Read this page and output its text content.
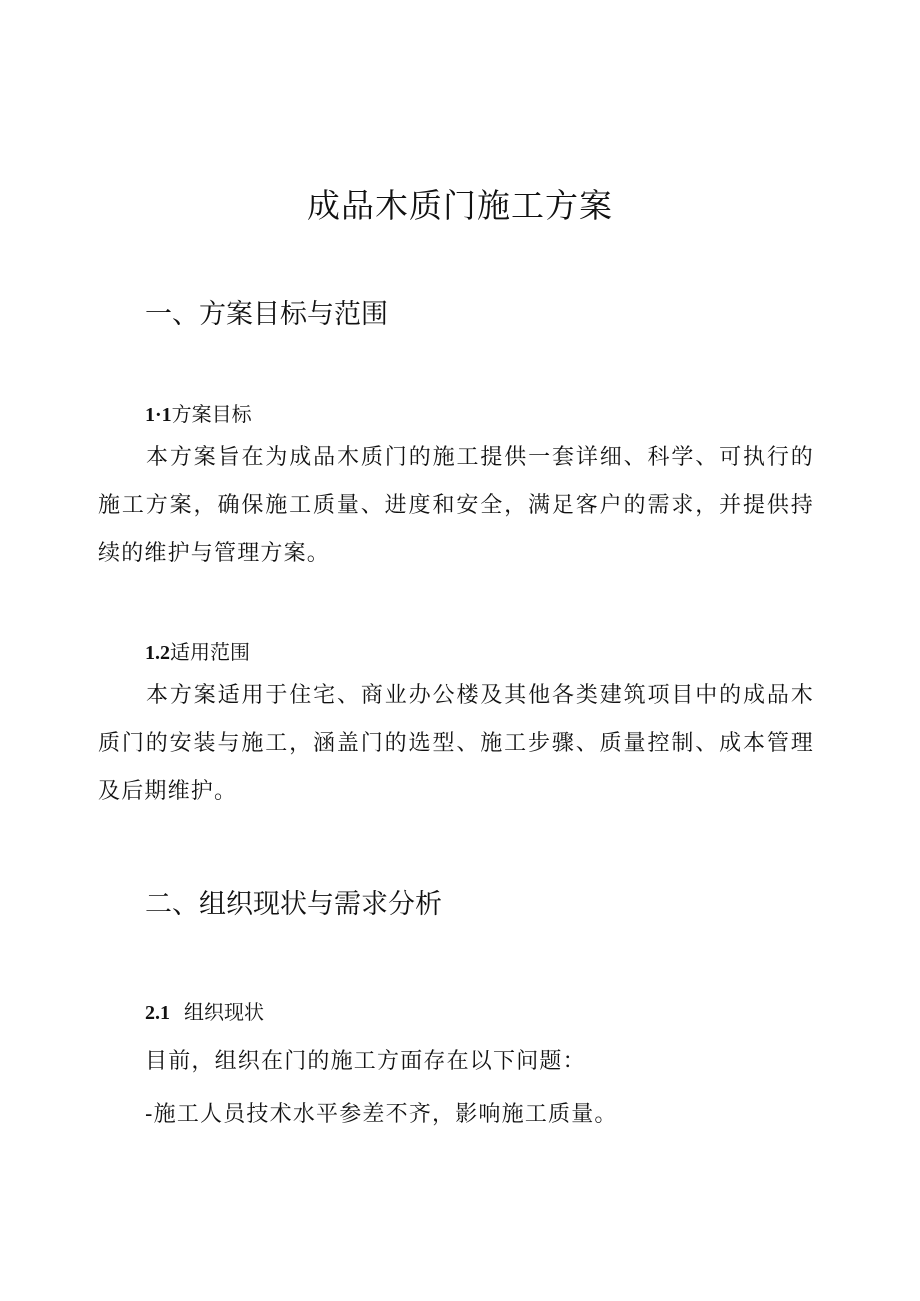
成品木质门施工方案
一、方案目标与范围
1·1方案目标

本方案旨在为成品木质门的施工提供一套详细、科学、可执行的施工方案，确保施工质量、进度和安全，满足客户的需求，并提供持续的维护与管理方案。

1.2适用范围

本方案适用于住宅、商业办公楼及其他各类建筑项目中的成品木质门的安装与施工，涵盖门的选型、施工步骤、质量控制、成本管理及后期维护。

二、组织现状与需求分析
2.1 组织现状

目前，组织在门的施工方面存在以下问题：

-施工人员技术水平参差不齐，影响施工质量。
